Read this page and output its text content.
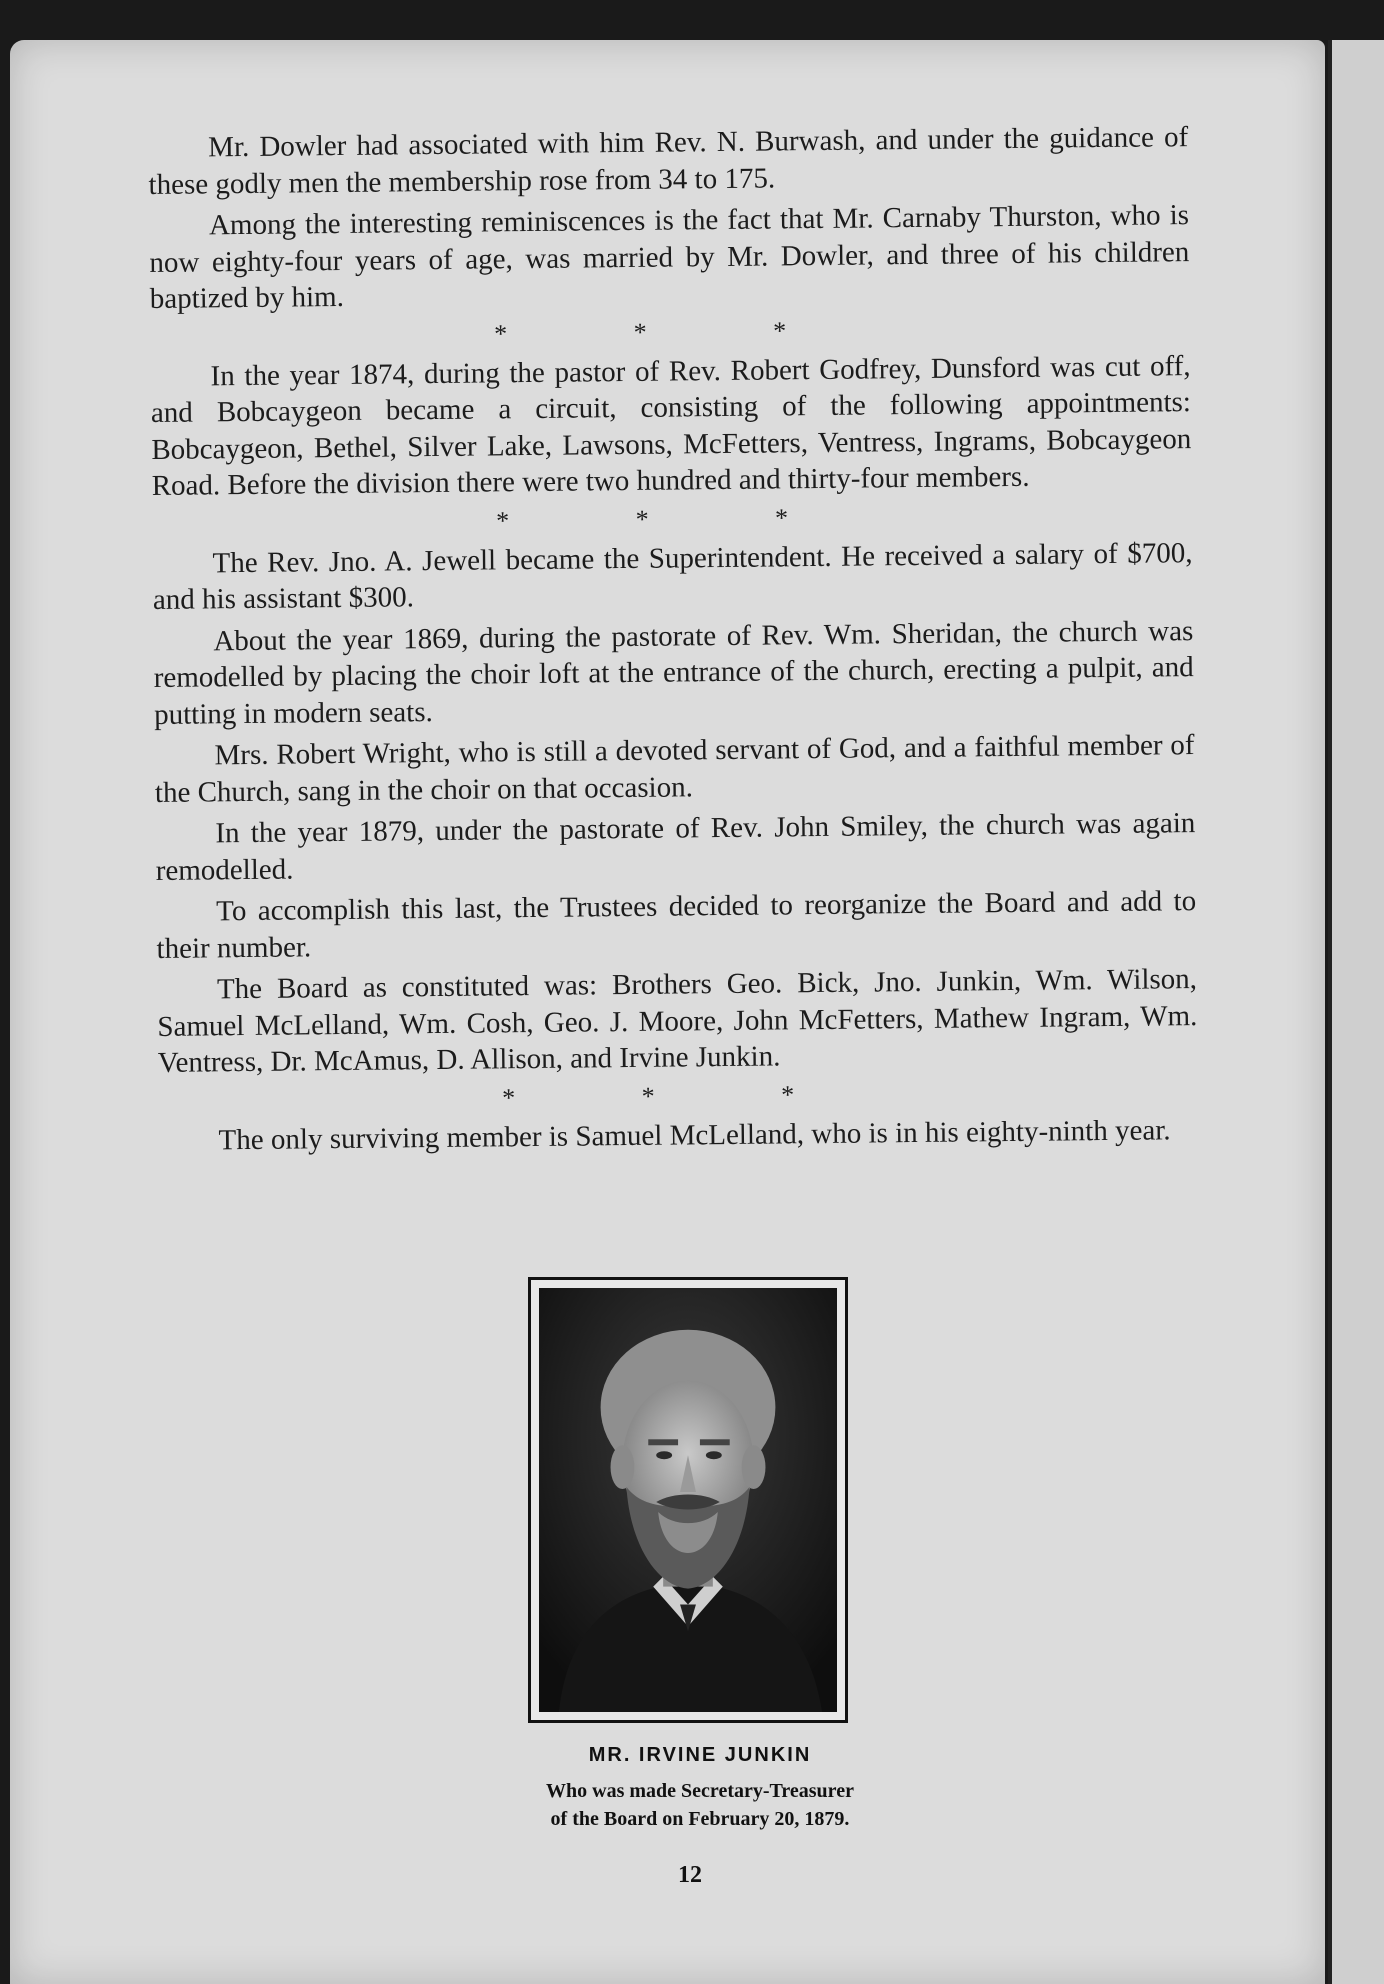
Mr. Dowler had associated with him Rev. N. Burwash, and under the guidance of these godly men the membership rose from 34 to 175.

Among the interesting reminiscences is the fact that Mr. Carnaby Thurston, who is now eighty-four years of age, was married by Mr. Dowler, and three of his children baptized by him.

* * *

In the year 1874, during the pastor of Rev. Robert Godfrey, Dunsford was cut off, and Bobcaygeon became a circuit, consisting of the following appointments: Bobcaygeon, Bethel, Silver Lake, Lawsons, McFetters, Ventress, Ingrams, Bobcaygeon Road. Before the division there were two hundred and thirty-four members.

* * *

The Rev. Jno. A. Jewell became the Superintendent. He received a salary of $700, and his assistant $300.

About the year 1869, during the pastorate of Rev. Wm. Sheridan, the church was remodelled by placing the choir loft at the entrance of the church, erecting a pulpit, and putting in modern seats.

Mrs. Robert Wright, who is still a devoted servant of God, and a faithful member of the Church, sang in the choir on that occasion.

In the year 1879, under the pastorate of Rev. John Smiley, the church was again remodelled.

To accomplish this last, the Trustees decided to reorganize the Board and add to their number.

The Board as constituted was: Brothers Geo. Bick, Jno. Junkin, Wm. Wilson, Samuel McLelland, Wm. Cosh, Geo. J. Moore, John McFetters, Mathew Ingram, Wm. Ventress, Dr. McAmus, D. Allison, and Irvine Junkin.

* * *

The only surviving member is Samuel McLelland, who is in his eighty-ninth year.

MR. IRVINE JUNKIN
Who was made Secretary-Treasurer
of the Board on February 20, 1879.
12
